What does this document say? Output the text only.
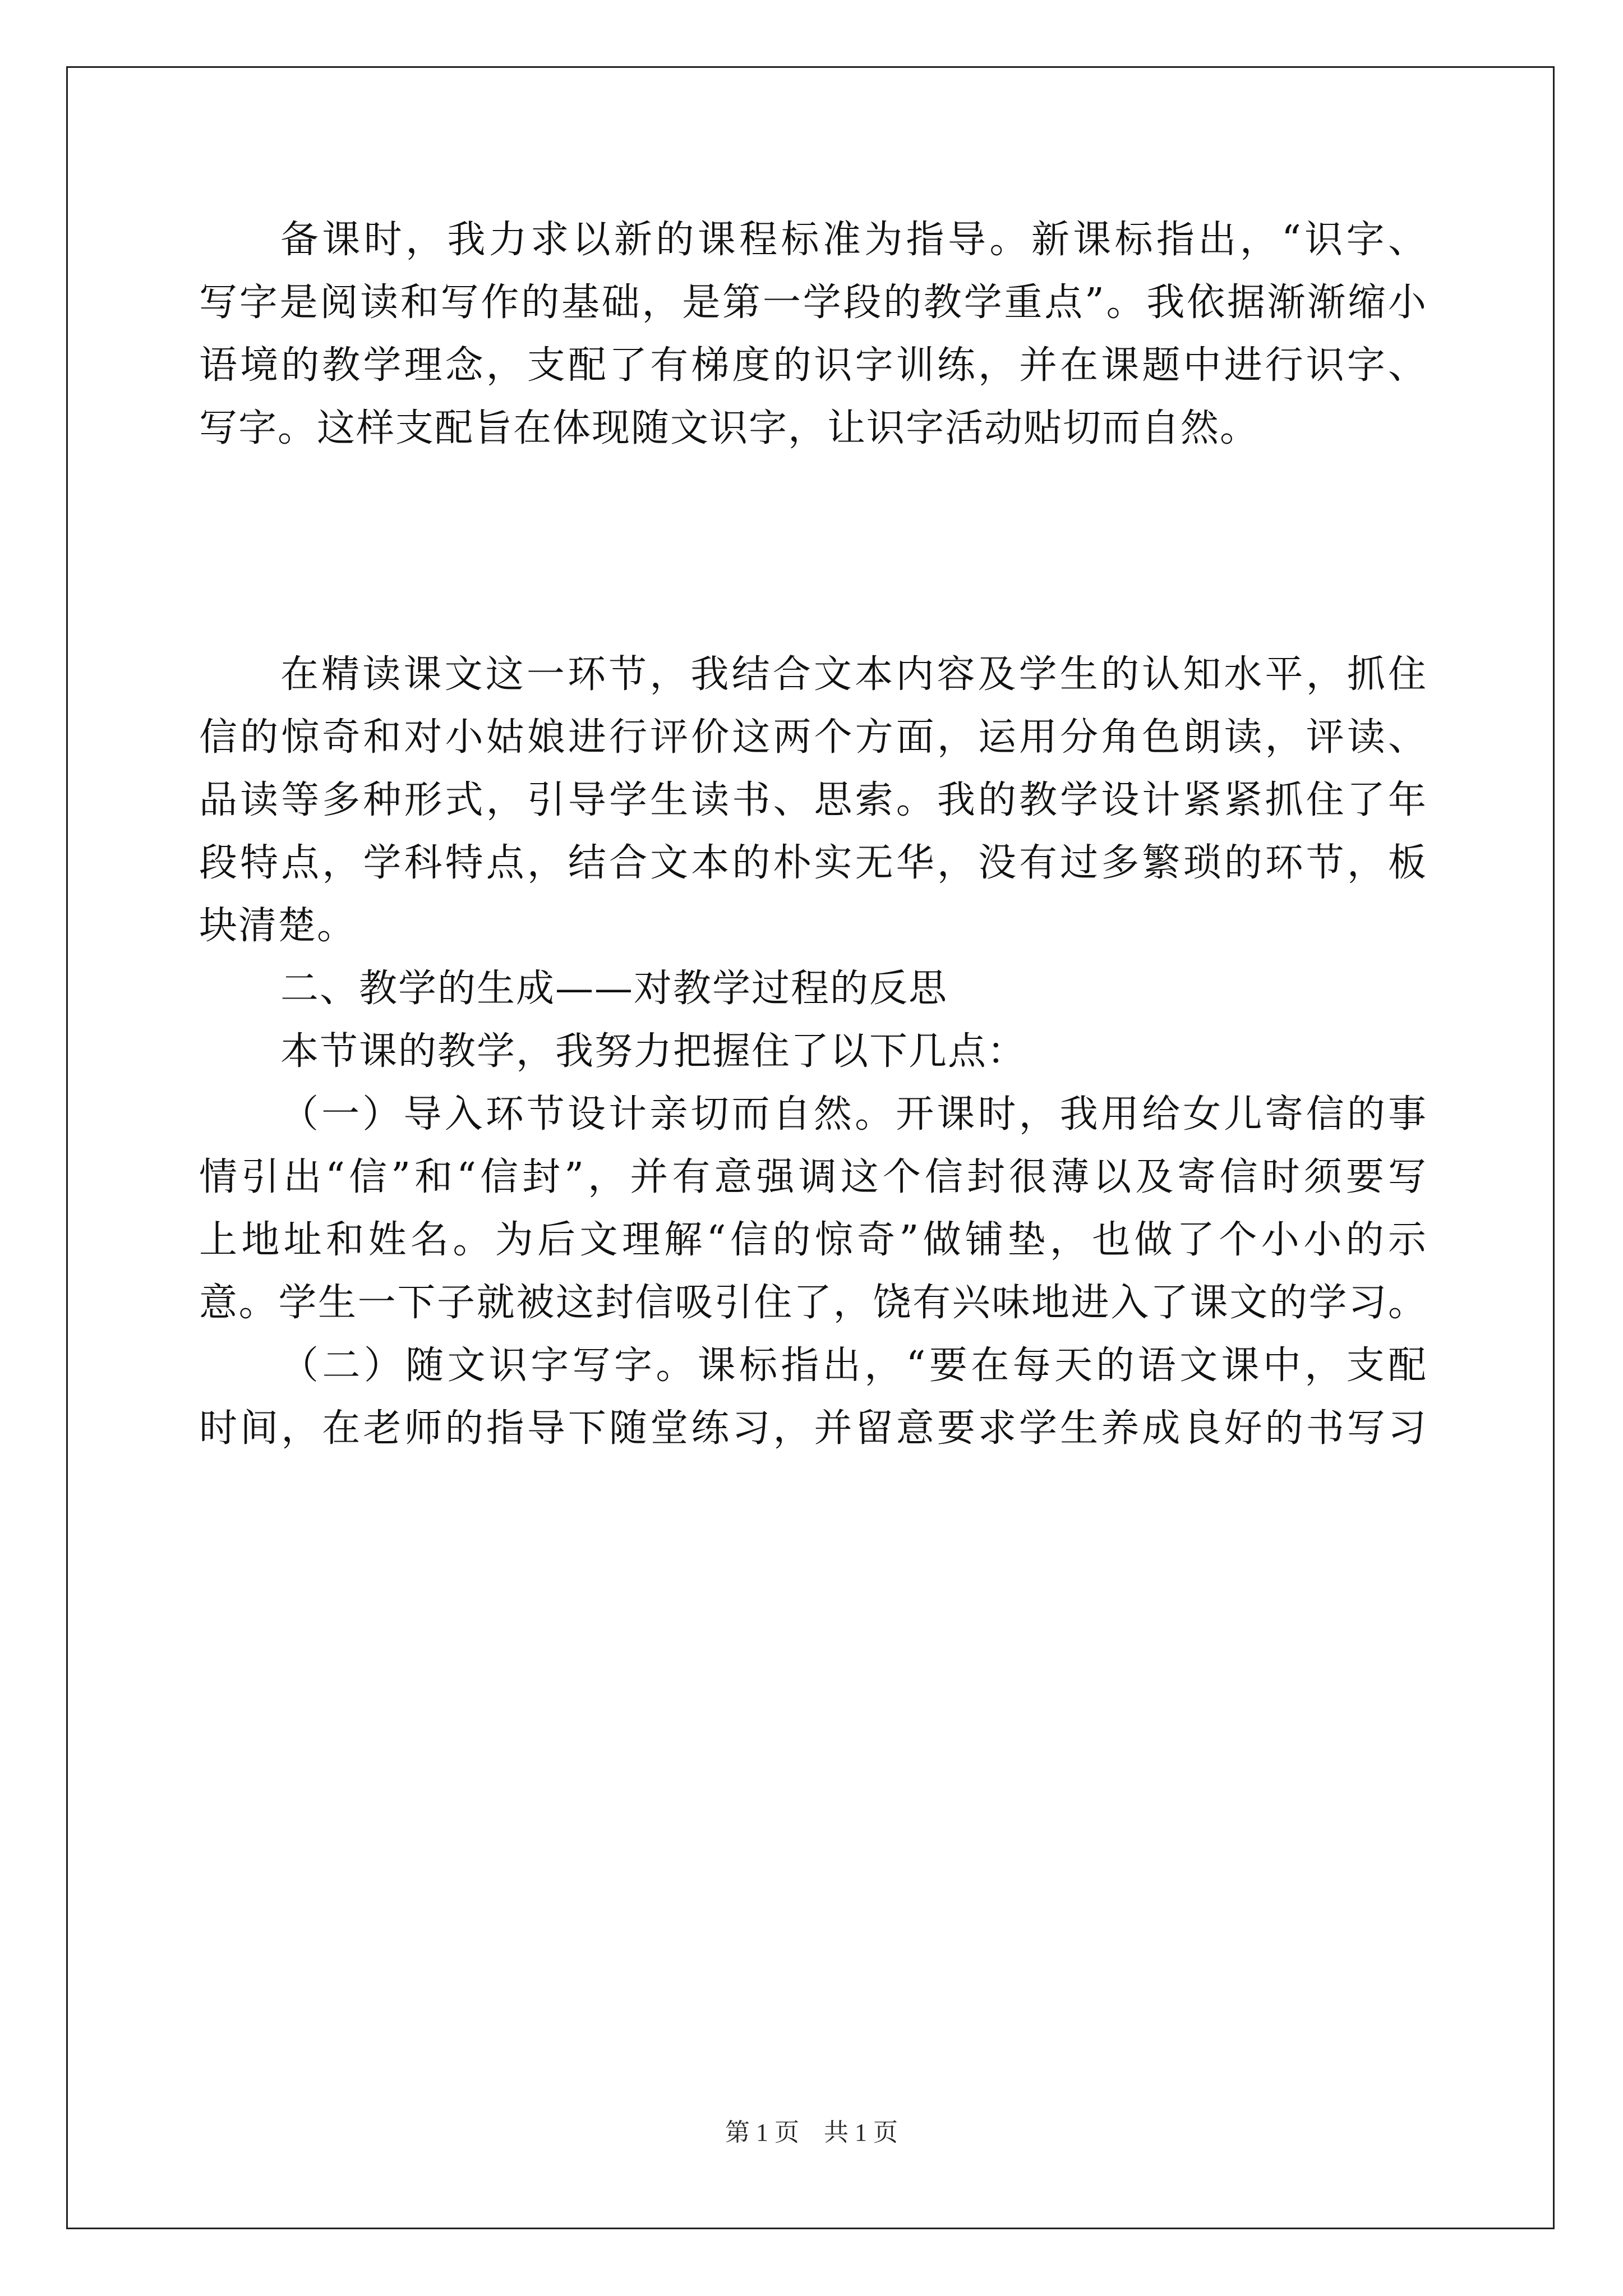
备课时，我力求以新的课程标准为指导。新课标指出，“识字、
写字是阅读和写作的基础，是第一学段的教学重点”。我依据渐渐缩小
语境的教学理念，支配了有梯度的识字训练，并在课题中进行识字、
写字。这样支配旨在体现随文识字，让识字活动贴切而自然。
在精读课文这一环节，我结合文本内容及学生的认知水平，抓住
信的惊奇和对小姑娘进行评价这两个方面，运用分角色朗读，评读、
品读等多种形式，引导学生读书、思索。我的教学设计紧紧抓住了年
段特点，学科特点，结合文本的朴实无华，没有过多繁琐的环节，板
块清楚。
二、教学的生成——对教学过程的反思
本节课的教学，我努力把握住了以下几点：
（一）导入环节设计亲切而自然。开课时，我用给女儿寄信的事
情引出“信”和“信封”，并有意强调这个信封很薄以及寄信时须要写
上地址和姓名。为后文理解“信的惊奇”做铺垫，也做了个小小的示
意。学生一下子就被这封信吸引住了，饶有兴味地进入了课文的学习。
（二）随文识字写字。课标指出，“要在每天的语文课中，支配
时间，在老师的指导下随堂练习，并留意要求学生养成良好的书写习
第 1 页　共 1 页
